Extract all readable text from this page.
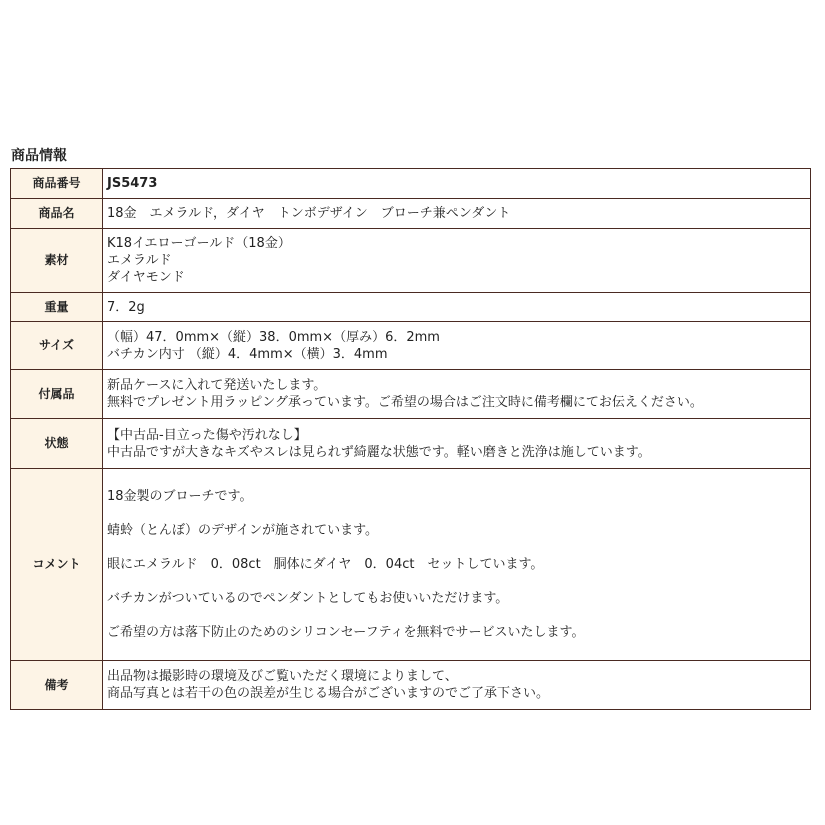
商品情報
商品番号	JS5473

商品名	18金　エメラルド，ダイヤ　トンボデザイン　ブローチ兼ペンダント

素材	K18イエローゴールド（18金）
エメラルド
ダイヤモンド

重量	7．2g

サイズ	（幅）47．0mm×（縦）38．0mm×（厚み）6．2mm
バチカン内寸 （縦）4．4mm×（横）3．4mm

付属品	新品ケースに入れて発送いたします。
無料でプレゼント用ラッピング承っています。ご希望の場合はご注文時に備考欄にてお伝えください。

状態	【中古品-目立った傷や汚れなし】
中古品ですが大きなキズやスレは見られず綺麗な状態です。軽い磨きと洗浄は施しています。

コメント	18金製のブローチです。
蜻蛉（とんぼ）のデザインが施されています。
眼にエメラルド　0．08ct　胴体にダイヤ　0．04ct　セットしています。
バチカンがついているのでペンダントとしてもお使いいただけます。
ご希望の方は落下防止のためのシリコンセーフティを無料でサービスいたします。

備考	出品物は撮影時の環境及びご覧いただく環境によりまして、
商品写真とは若干の色の誤差が生じる場合がございますのでご了承下さい。
